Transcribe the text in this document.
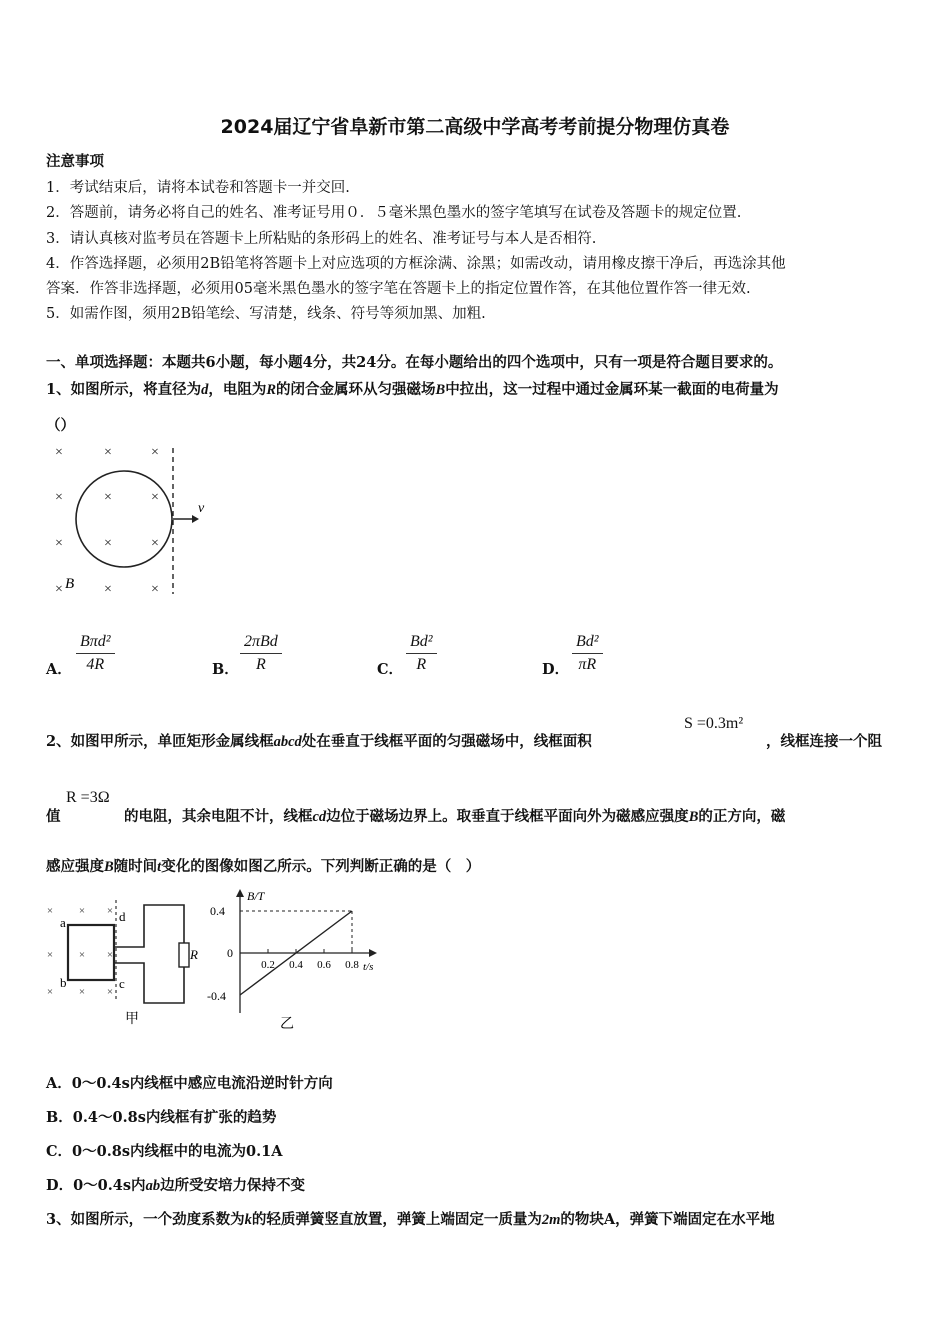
2024届辽宁省阜新市第二高级中学高考考前提分物理仿真卷
注意事项
1．考试结束后，请将本试卷和答题卡一并交回.
2．答题前，请务必将自己的姓名、准考证号用０．５毫米黑色墨水的签字笔填写在试卷及答题卡的规定位置.
3．请认真核对监考员在答题卡上所粘贴的条形码上的姓名、准考证号与本人是否相符.
4．作答选择题，必须用2B铅笔将答题卡上对应选项的方框涂满、涂黑；如需改动，请用橡皮擦干净后，再选涂其他
答案．作答非选择题，必须用05毫米黑色墨水的签字笔在答题卡上的指定位置作答，在其他位置作答一律无效.
5．如需作图，须用2B铅笔绘、写清楚，线条、符号等须加黑、加粗.
一、单项选择题：本题共6小题，每小题4分，共24分。在每小题给出的四个选项中，只有一项是符合题目要求的。
1、如图所示，将直径为d，电阻为R的闭合金属环从匀强磁场B中拉出，这一过程中通过金属环某一截面的电荷量为
（）
×	×	×
×	×	×
×	×	×
×	×	×
B
v
A．
Bπd²
4R	B．
2πBd
R	C． $\frac{\text{Bd²}}{R}$	D． $\frac{\text{Bd²}}{\pi R}$
2、如图甲所示，单匝矩形金属线框abcd处在垂直于线框平面的匀强磁场中，线框面积
S =0.3m²
，线框连接一个阻
值
R =3Ω
的电阻，其余电阻不计，线框cd边位于磁场边界上。取垂直于线框平面向外为磁感应强度B的正方向，磁
感应强度B随时间t变化的图像如图乙所示。下列判断正确的是（　）
× × ×
× × ×
× × ×
a
b	c
d
R
甲
B/T
t/s
0.4
0
-0.4
0.2 0.4 0.6 0.8
乙
A．0～0.4s内线框中感应电流沿逆时针方向
B．0.4～0.8s内线框有扩张的趋势
C．0～0.8s内线框中的电流为0.1A
D．0～0.4s内ab边所受安培力保持不变
3、如图所示，一个劲度系数为k的轻质弹簧竖直放置，弹簧上端固定一质量为2m的物块A，弹簧下端固定在水平地
